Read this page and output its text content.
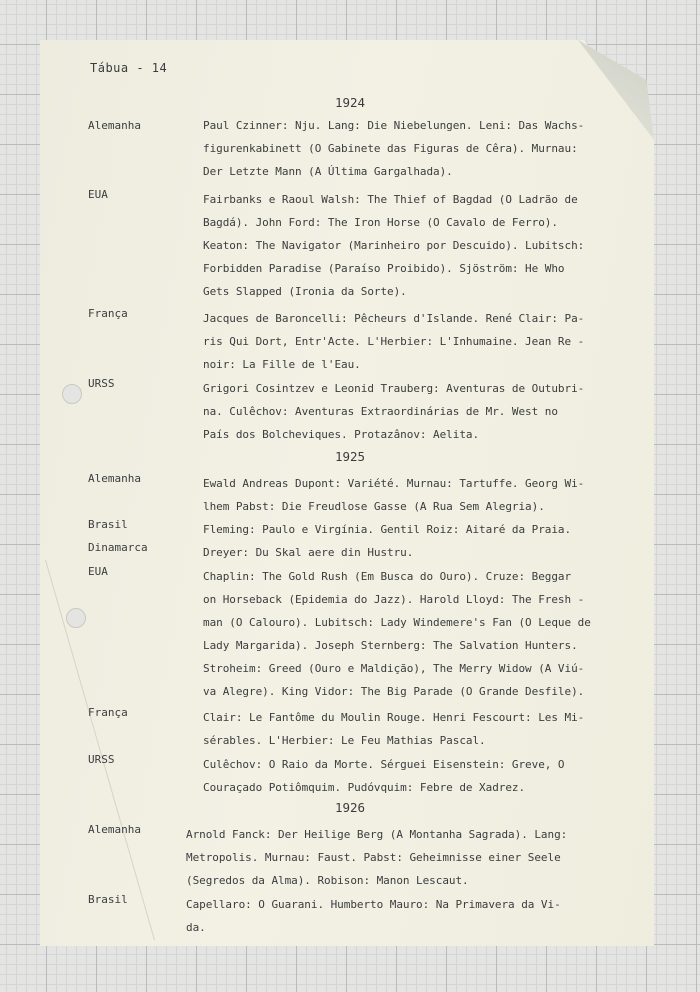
Tábua - 14
1924
Alemanha	Paul Czinner: Nju. Lang: Die Niebelungen. Leni: Das Wachs-
figurenkabinett (O Gabinete das Figuras de Cêra). Murnau:
Der Letzte Mann (A Última Gargalhada).
EUA	Fairbanks e Raoul Walsh: The Thief of Bagdad (O Ladrão de
Bagdá). John Ford: The Iron Horse (O Cavalo de Ferro).
Keaton: The Navigator (Marinheiro por Descuido). Lubitsch:
Forbidden Paradise (Paraíso Proibido). Sjöström: He Who
Gets Slapped (Ironia da Sorte).
França	Jacques de Baroncelli: Pêcheurs d'Islande. René Clair: Pa-
ris Qui Dort, Entr'Acte. L'Herbier: L'Inhumaine. Jean Re -
noir: La Fille de l'Eau.
URSS	Grigori Cosintzev e Leonid Trauberg: Aventuras de Outubri-
na. Culêchov: Aventuras Extraordinárias de Mr. West no
País dos Bolcheviques. Protazânov: Aelita.
1925
Alemanha	Ewald Andreas Dupont: Variété. Murnau: Tartuffe. Georg Wi-
lhem Pabst: Die Freudlose Gasse (A Rua Sem Alegria).
Brasil	Fleming: Paulo e Virgínia. Gentil Roiz: Aitaré da Praia.
Dinamarca	Dreyer: Du Skal aere din Hustru.
EUA	Chaplin: The Gold Rush (Em Busca do Ouro). Cruze: Beggar
on Horseback (Epidemia do Jazz). Harold Lloyd: The Fresh -
man (O Calouro). Lubitsch: Lady Windemere's Fan (O Leque de
Lady Margarida). Joseph Sternberg: The Salvation Hunters.
Stroheim: Greed (Ouro e Maldição), The Merry Widow (A Viú-
va Alegre). King Vidor: The Big Parade (O Grande Desfile).
França	Clair: Le Fantôme du Moulin Rouge. Henri Fescourt: Les Mi-
sérables. L'Herbier: Le Feu Mathias Pascal.
URSS	Culêchov: O Raio da Morte. Sérguei Eisenstein: Greve, O
Couraçado Potiômquim. Pudóvquim: Febre de Xadrez.
1926
Alemanha	Arnold Fanck: Der Heilige Berg (A Montanha Sagrada). Lang:
Metropolis. Murnau: Faust. Pabst: Geheimnisse einer Seele
(Segredos da Alma). Robison: Manon Lescaut.
Brasil	Capellaro: O Guarani. Humberto Mauro: Na Primavera da Vi-
da.
